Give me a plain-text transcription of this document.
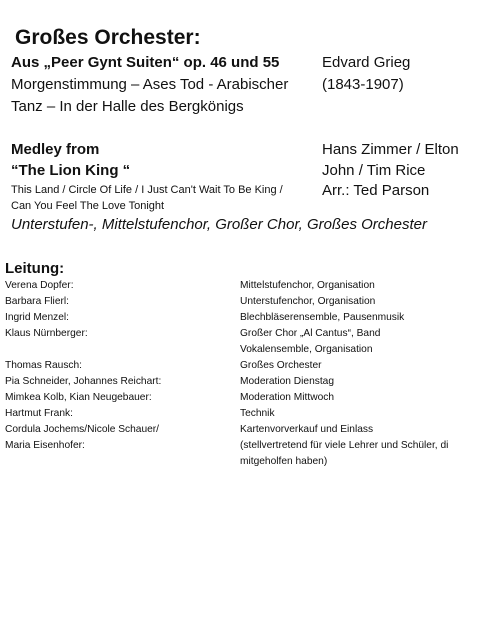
Großes Orchester:
Aus „Peer Gynt Suiten“ op. 46 und 55	Edvard Grieg
Morgenstimmung – Ases Tod - Arabischer (1843-1907)
Tanz – In der Halle des Bergkönigs
Medley from
“The Lion King “
Hans Zimmer / Elton
John / Tim Rice
This Land / Circle Of Life / I Just Can't Wait To Be King /	Arr.: Ted Parson
Can You Feel The Love Tonight
Unterstufen-, Mittelstufenchor, Großer Chor, Großes Orchester
Leitung:
Verena Dopfer:
Barbara Flierl:
Ingrid Menzel:
Klaus Nürnberger:
Thomas Rausch:
Pia Schneider, Johannes Reichart:
Mimkea Kolb, Kian Neugebauer:
Hartmut Frank:
Cordula Jochems/Nicole Schauer/
Maria Eisenhofer:
Mittelstufenchor, Organisation
Unterstufenchor, Organisation
Blechbläserensemble, Pausenmusik
Großer Chor „Al Cantus“, Band
Vokalensemble, Organisation
Großes Orchester
Moderation Dienstag
Moderation Mittwoch
Technik
Kartenvorverkauf und Einlass
(stellvertretend für viele Lehrer und Schüler, di
mitgeholfen haben)
